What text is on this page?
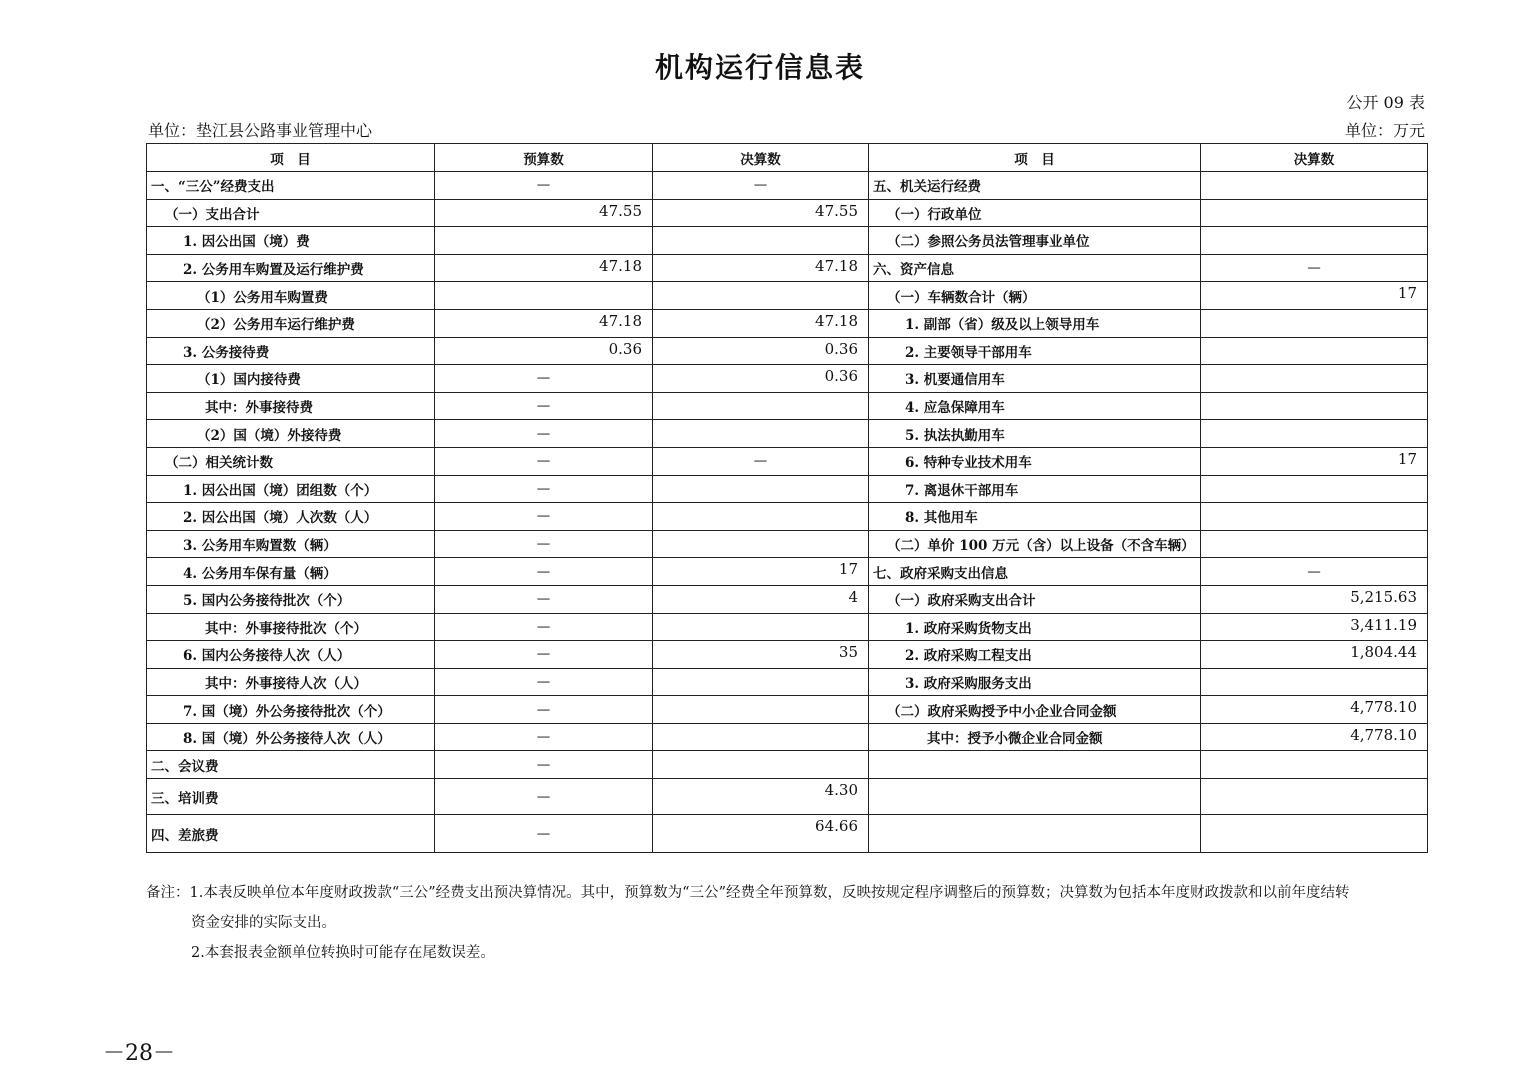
机构运行信息表
公开 09 表
单位：垫江县公路事业管理中心	单位：万元
项　目	预算数	决算数	项　目	决算数
一、“三公”经费支出	—	—	五、机关运行经费	
（一）支出合计	47.55	47.55	（一）行政单位	
1. 因公出国（境）费			（二）参照公务员法管理事业单位	
2. 公务用车购置及运行维护费	47.18	47.18	六、资产信息	—
（1）公务用车购置费			（一）车辆数合计（辆）	17
（2）公务用车运行维护费	47.18	47.18	1. 副部（省）级及以上领导用车	
3. 公务接待费	0.36	0.36	2. 主要领导干部用车	
（1）国内接待费	—	0.36	3. 机要通信用车	
其中：外事接待费	—		4. 应急保障用车	
（2）国（境）外接待费	—		5. 执法执勤用车	
（二）相关统计数	—	—	6. 特种专业技术用车	17
1. 因公出国（境）团组数（个）	—		7. 离退休干部用车	
2. 因公出国（境）人次数（人）	—		8. 其他用车	
3. 公务用车购置数（辆）	—		（二）单价 100 万元（含）以上设备（不含车辆）	
4. 公务用车保有量（辆）	—	17	七、政府采购支出信息	—
5. 国内公务接待批次（个）	—	4	（一）政府采购支出合计	5,215.63
其中：外事接待批次（个）	—		1. 政府采购货物支出	3,411.19
6. 国内公务接待人次（人）	—	35	2. 政府采购工程支出	1,804.44
其中：外事接待人次（人）	—		3. 政府采购服务支出	
7. 国（境）外公务接待批次（个）	—		（二）政府采购授予中小企业合同金额	4,778.10
8. 国（境）外公务接待人次（人）	—		其中：授予小微企业合同金额	4,778.10
二、会议费	—			
三、培训费	—	4.30		
四、差旅费	—	64.66		
备注：1.本表反映单位本年度财政拨款“三公”经费支出预决算情况。其中，预算数为“三公”经费全年预算数，反映按规定程序调整后的预算数；决算数为包括本年度财政拨款和以前年度结转
资金安排的实际支出。
2.本套报表金额单位转换时可能存在尾数误差。
－28－
